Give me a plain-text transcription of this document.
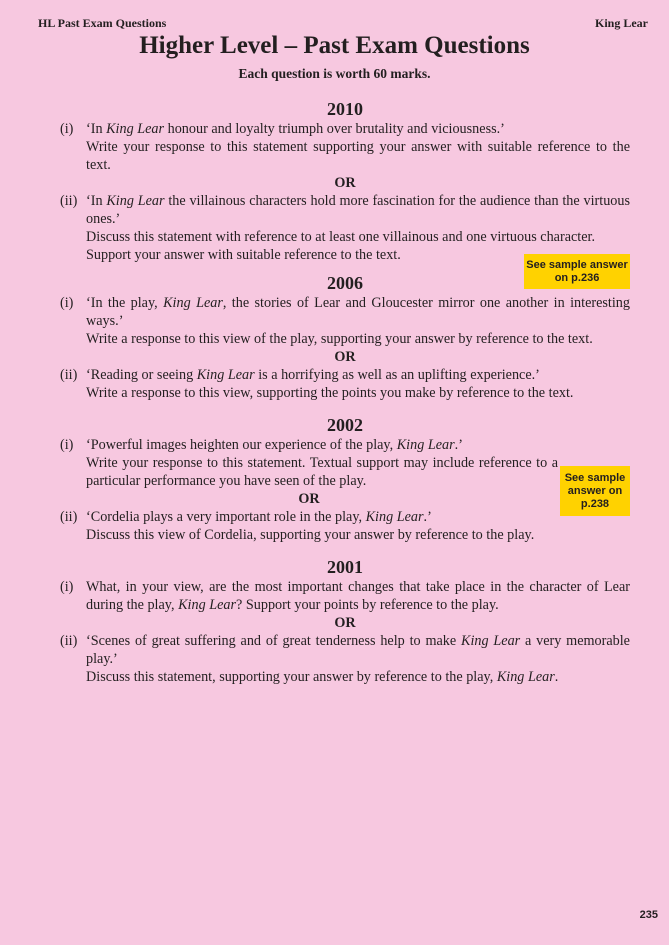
HL Past Exam Questions	King Lear
Higher Level – Past Exam Questions
Each question is worth 60 marks.
2010
(i) ‘In King Lear honour and loyalty triumph over brutality and viciousness.’

Write your response to this statement supporting your answer with suitable reference to the text.

OR
(ii) ‘In King Lear the villainous characters hold more fascination for the audience than the virtuous ones.’

Discuss this statement with reference to at least one villainous and one virtuous character.

Support your answer with suitable reference to the text.

2006
(i) ‘In the play, King Lear, the stories of Lear and Gloucester mirror one another in interesting ways.’

Write a response to this view of the play, supporting your answer by reference to the text.

OR
(ii) ‘Reading or seeing King Lear is a horrifying as well as an uplifting experience.’

Write a response to this view, supporting the points you make by reference to the text.

2002
(i) ‘Powerful images heighten our experience of the play, King Lear.’

Write your response to this statement. Textual support may include reference to a particular performance you have seen of the play.

OR
(ii) ‘Cordelia plays a very important role in the play, King Lear.’

Discuss this view of Cordelia, supporting your answer by reference to the play.

2001
(i) What, in your view, are the most important changes that take place in the character of Lear during the play, King Lear? Support your points by reference to the play.

OR
(ii) ‘Scenes of great suffering and of great tenderness help to make King Lear a very memorable play.’

Discuss this statement, supporting your answer by reference to the play, King Lear.

See sample answer on p.236
See sample answer on p.238
235
